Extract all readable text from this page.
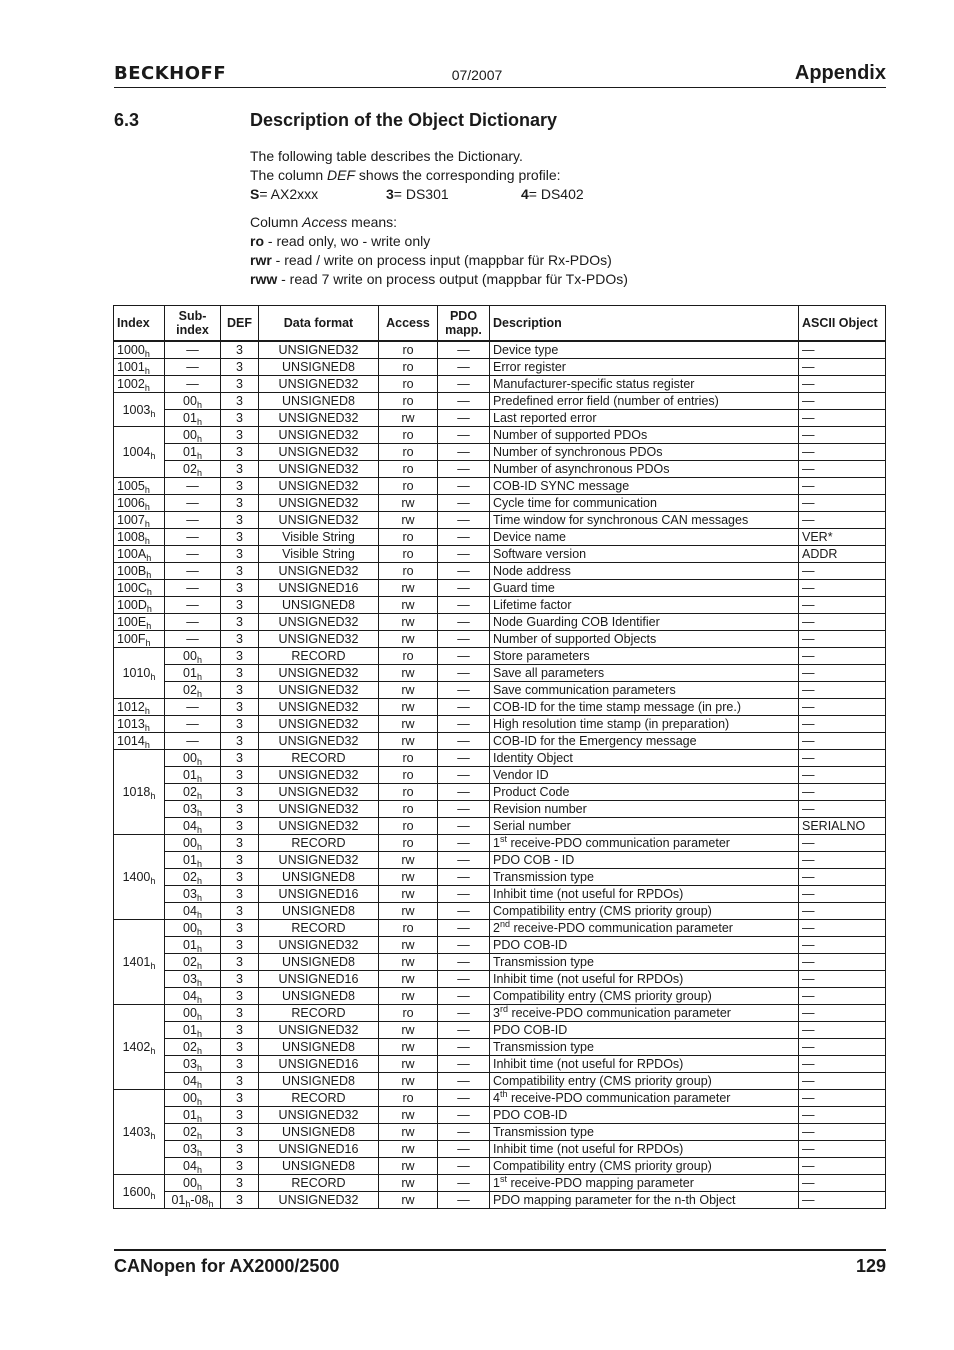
BECKHOFF	07/2007	Appendix
6.3	Description of the Object Dictionary

The following table describes the Dictionary.

The column DEF shows the corresponding profile:

S= AX2xxx	3= DS301	4= DS402

Column Access means:

ro - read only, wo - write only

rwr - read / write on process input (mappbar für Rx-PDOs)

rww - read 7 write on process output (mappbar für Tx-PDOs)

Index	Sub-
index	DEF	Data format	Access	PDO
mapp.	Description	ASCII Object
$1000_h$	—	3	UNSIGNED32	ro	—	Device type	—
$1001_h$	—	3	UNSIGNED8	ro	—	Error register	—
$1002_h$	—	3	UNSIGNED32	ro	—	Manufacturer-specific status register	—
$1003_h$	$00_h$	3	UNSIGNED8	ro	—	Predefined error field (number of entries)	—
	$01_h$	3	UNSIGNED32	rw	—	Last reported error	—
$1004_h$	$00_h$	3	UNSIGNED32	ro	—	Number of supported PDOs	—
	$01_h$	3	UNSIGNED32	ro	—	Number of synchronous PDOs	—
	$02_h$	3	UNSIGNED32	ro	—	Number of asynchronous PDOs	—
$1005_h$	—	3	UNSIGNED32	ro	—	COB-ID SYNC message	—
$1006_h$	—	3	UNSIGNED32	rw	—	Cycle time for communication	—
$1007_h$	—	3	UNSIGNED32	rw	—	Time window for synchronous CAN messages	—
$1008_h$	—	3	Visible String	ro	—	Device name	VER*
$100A_h$	—	3	Visible String	ro	—	Software version	ADDR
$100B_h$	—	3	UNSIGNED32	ro	—	Node address	—
$100C_h$	—	3	UNSIGNED16	rw	—	Guard time	—
$100D_h$	—	3	UNSIGNED8	rw	—	Lifetime factor	—
$100E_h$	—	3	UNSIGNED32	rw	—	Node Guarding COB Identifier	—
$100F_h$	—	3	UNSIGNED32	rw	—	Number of supported Objects	—
$1010_h$	$00_h$	3	RECORD	ro	—	Store parameters	—
	$01_h$	3	UNSIGNED32	rw	—	Save all parameters	—
	$02_h$	3	UNSIGNED32	rw	—	Save communication parameters	—
$1012_h$	—	3	UNSIGNED32	rw	—	COB-ID for the time stamp message (in pre.)	—
$1013_h$	—	3	UNSIGNED32	rw	—	High resolution time stamp (in preparation)	—
$1014_h$	—	3	UNSIGNED32	rw	—	COB-ID for the Emergency message	—
$1018_h$	$00_h$	3	RECORD	ro	—	Identity Object	—
	$01_h$	3	UNSIGNED32	ro	—	Vendor ID	—
	$02_h$	3	UNSIGNED32	ro	—	Product Code	—
	$03_h$	3	UNSIGNED32	ro	—	Revision number	—
	$04_h$	3	UNSIGNED32	ro	—	Serial number	SERIALNO
$1400_h$	$00_h$	3	RECORD	ro	—	1st receive-PDO communication parameter	—
	$01_h$	3	UNSIGNED32	rw	—	PDO COB - ID	—
	$02_h$	3	UNSIGNED8	rw	—	Transmission type	—
	$03_h$	3	UNSIGNED16	rw	—	Inhibit time (not useful for RPDOs)	—
	$04_h$	3	UNSIGNED8	rw	—	Compatibility entry (CMS priority group)	—
$1401_h$	$00_h$	3	RECORD	ro	—	2nd receive-PDO communication parameter	—
	$01_h$	3	UNSIGNED32	rw	—	PDO COB-ID	—
	$02_h$	3	UNSIGNED8	rw	—	Transmission type	—
	$03_h$	3	UNSIGNED16	rw	—	Inhibit time (not useful for RPDOs)	—
	$04_h$	3	UNSIGNED8	rw	—	Compatibility entry (CMS priority group)	—
$1402_h$	$00_h$	3	RECORD	ro	—	3rd receive-PDO communication parameter	—
	$01_h$	3	UNSIGNED32	rw	—	PDO COB-ID	—
	$02_h$	3	UNSIGNED8	rw	—	Transmission type	—
	$03_h$	3	UNSIGNED16	rw	—	Inhibit time (not useful for RPDOs)	—
	$04_h$	3	UNSIGNED8	rw	—	Compatibility entry (CMS priority group)	—
$1403_h$	$00_h$	3	RECORD	ro	—	4th receive-PDO communication parameter	—
	$01_h$	3	UNSIGNED32	rw	—	PDO COB-ID	—
	$02_h$	3	UNSIGNED8	rw	—	Transmission type	—
	$03_h$	3	UNSIGNED16	rw	—	Inhibit time (not useful for RPDOs)	—
	$04_h$	3	UNSIGNED8	rw	—	Compatibility entry (CMS priority group)	—
$1600_h$	$00_h$	3	RECORD	rw	—	1st receive-PDO mapping parameter	—
	$01_h-08_h$	3	UNSIGNED32	rw	—	PDO mapping parameter for the n-th Object	—
CANopen for AX2000/2500	129
